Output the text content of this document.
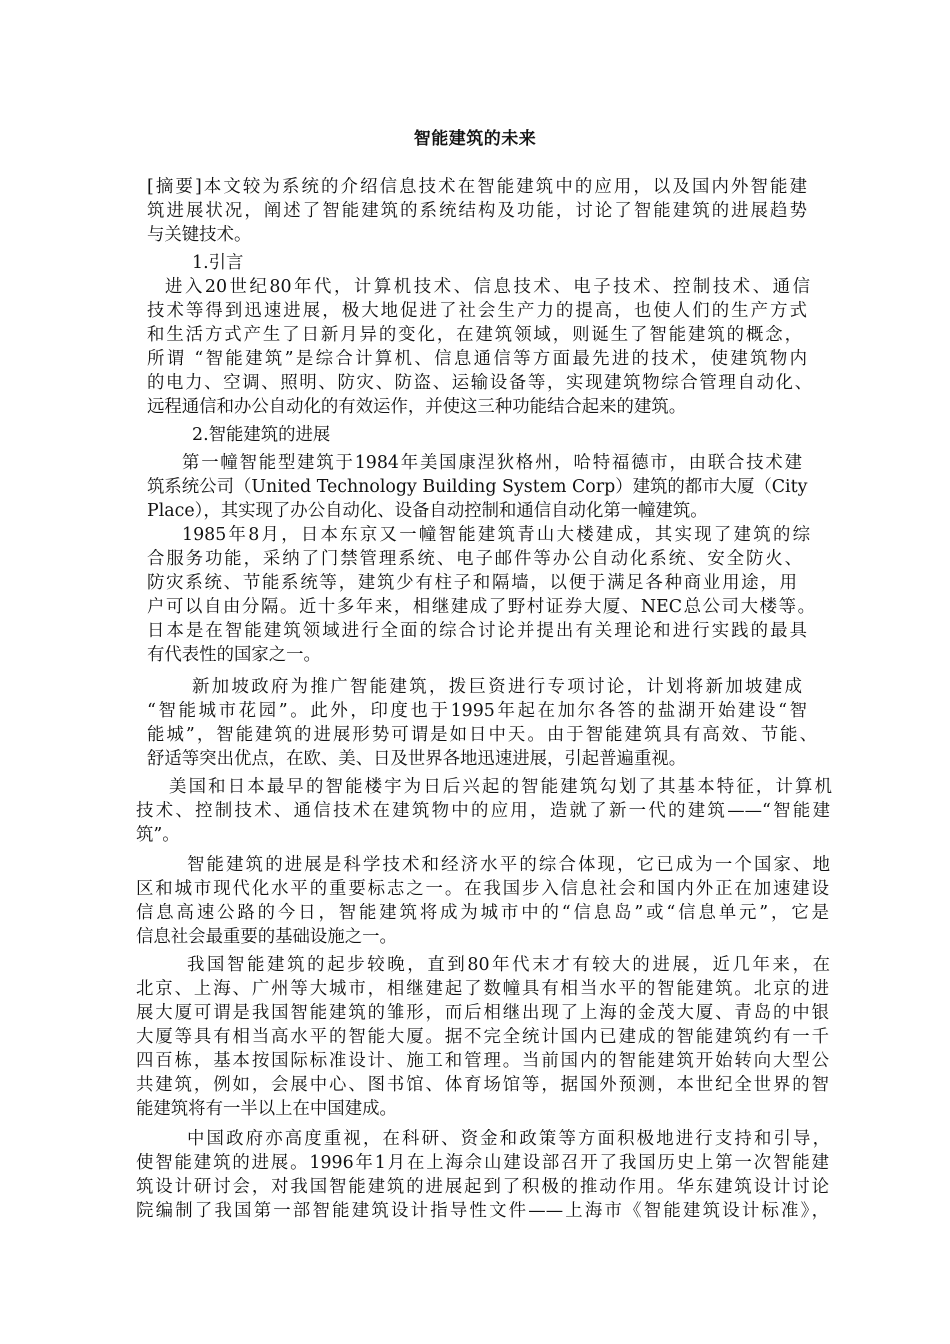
智能建筑的未来
[摘要]本文较为系统的介绍信息技术在智能建筑中的应用，以及国内外智能建
筑进展状况，阐述了智能建筑的系统结构及功能，讨论了智能建筑的进展趋势
与关键技术。
1.引言
进入20世纪80年代，计算机技术、信息技术、电子技术、控制技术、通信
技术等得到迅速进展，极大地促进了社会生产力的提高，也使人们的生产方式
和生活方式产生了日新月异的变化，在建筑领域，则诞生了智能建筑的概念，
所谓 “智能建筑”是综合计算机、信息通信等方面最先进的技术，使建筑物内
的电力、空调、照明、防灾、防盗、运输设备等，实现建筑物综合管理自动化、
远程通信和办公自动化的有效运作，并使这三种功能结合起来的建筑。
2.智能建筑的进展
第一幢智能型建筑于1984年美国康涅狄格州，哈特福德市，由联合技术建
筑系统公司（United Technology Building System Corp）建筑的都市大厦（City
Place），其实现了办公自动化、设备自动控制和通信自动化第一幢建筑。
1985年8月，日本东京又一幢智能建筑青山大楼建成，其实现了建筑的综
合服务功能，采纳了门禁管理系统、电子邮件等办公自动化系统、安全防火、
防灾系统、节能系统等，建筑少有柱子和隔墙，以便于满足各种商业用途，用
户可以自由分隔。近十多年来，相继建成了野村证券大厦、NEC总公司大楼等。
日本是在智能建筑领域进行全面的综合讨论并提出有关理论和进行实践的最具
有代表性的国家之一。
新加坡政府为推广智能建筑，拨巨资进行专项讨论，计划将新加坡建成
“智能城市花园”。此外，印度也于1995年起在加尔各答的盐湖开始建设“智
能城”，智能建筑的进展形势可谓是如日中天。由于智能建筑具有高效、节能、
舒适等突出优点，在欧、美、日及世界各地迅速进展，引起普遍重视。
美国和日本最早的智能楼宇为日后兴起的智能建筑勾划了其基本特征，计算机
技术、控制技术、通信技术在建筑物中的应用，造就了新一代的建筑——“智能建
筑”。
智能建筑的进展是科学技术和经济水平的综合体现，它已成为一个国家、地
区和城市现代化水平的重要标志之一。在我国步入信息社会和国内外正在加速建设
信息高速公路的今日，智能建筑将成为城市中的“信息岛”或“信息单元”，它是
信息社会最重要的基础设施之一。
我国智能建筑的起步较晚，直到80年代末才有较大的进展，近几年来，在
北京、上海、广州等大城市，相继建起了数幢具有相当水平的智能建筑。北京的进
展大厦可谓是我国智能建筑的雏形，而后相继出现了上海的金茂大厦、青岛的中银
大厦等具有相当高水平的智能大厦。据不完全统计国内已建成的智能建筑约有一千
四百栋，基本按国际标准设计、施工和管理。当前国内的智能建筑开始转向大型公
共建筑，例如，会展中心、图书馆、体育场馆等，据国外预测，本世纪全世界的智
能建筑将有一半以上在中国建成。
中国政府亦高度重视，在科研、资金和政策等方面积极地进行支持和引导，
使智能建筑的进展。1996年1月在上海佘山建设部召开了我国历史上第一次智能建
筑设计研讨会，对我国智能建筑的进展起到了积极的推动作用。华东建筑设计讨论
院编制了我国第一部智能建筑设计指导性文件——上海市《智能建筑设计标准》，
